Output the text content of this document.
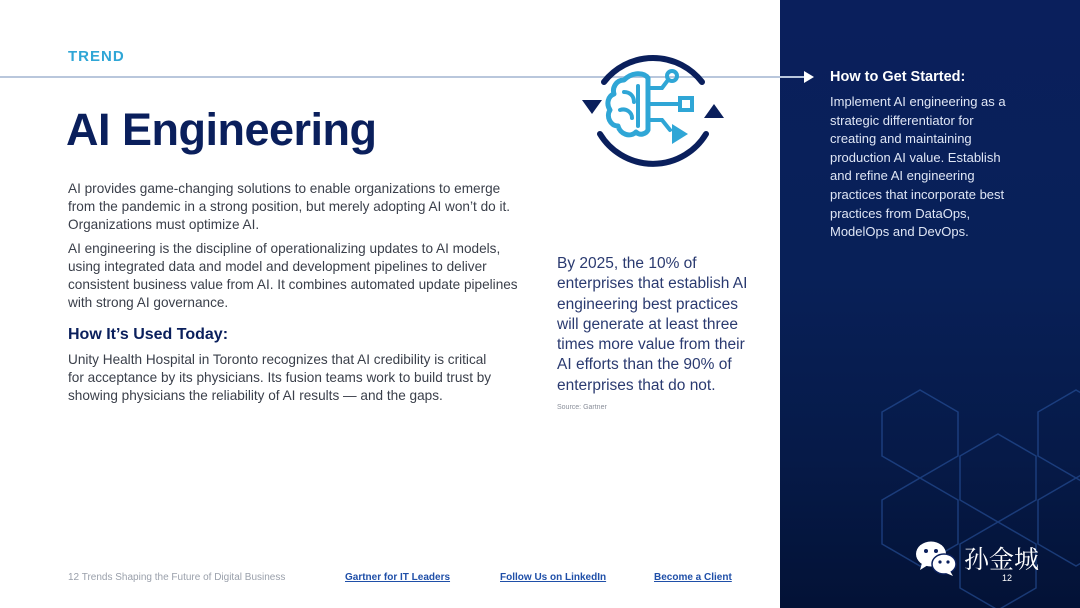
How to Get Started:
Implement AI engineering as a strategic differentiator for creating and maintaining production AI value. Establish and refine AI engineering practices that incorporate best practices from DataOps, ModelOps and DevOps.
孙金城
12
TREND
AI Engineering

AI provides game-changing solutions to enable organizations to emerge from the pandemic in a strong position, but merely adopting AI won’t do it. Organizations must optimize AI.

AI engineering is the discipline of operationalizing updates to AI models, using integrated data and model and development pipelines to deliver consistent business value from AI. It combines automated update pipelines with strong AI governance.

How It’s Used Today:

Unity Health Hospital in Toronto recognizes that AI credibility is critical for acceptance by its physicians. Its fusion teams work to build trust by showing physicians the reliability of AI results — and the gaps.

By 2025, the 10% of enterprises that establish AI engineering best practices will generate at least three times more value from their AI efforts than the 90% of enterprises that do not.
Source: Gartner
12 Trends Shaping the Future of Digital Business	Gartner for IT Leaders	Follow Us on LinkedIn	Become a Client
